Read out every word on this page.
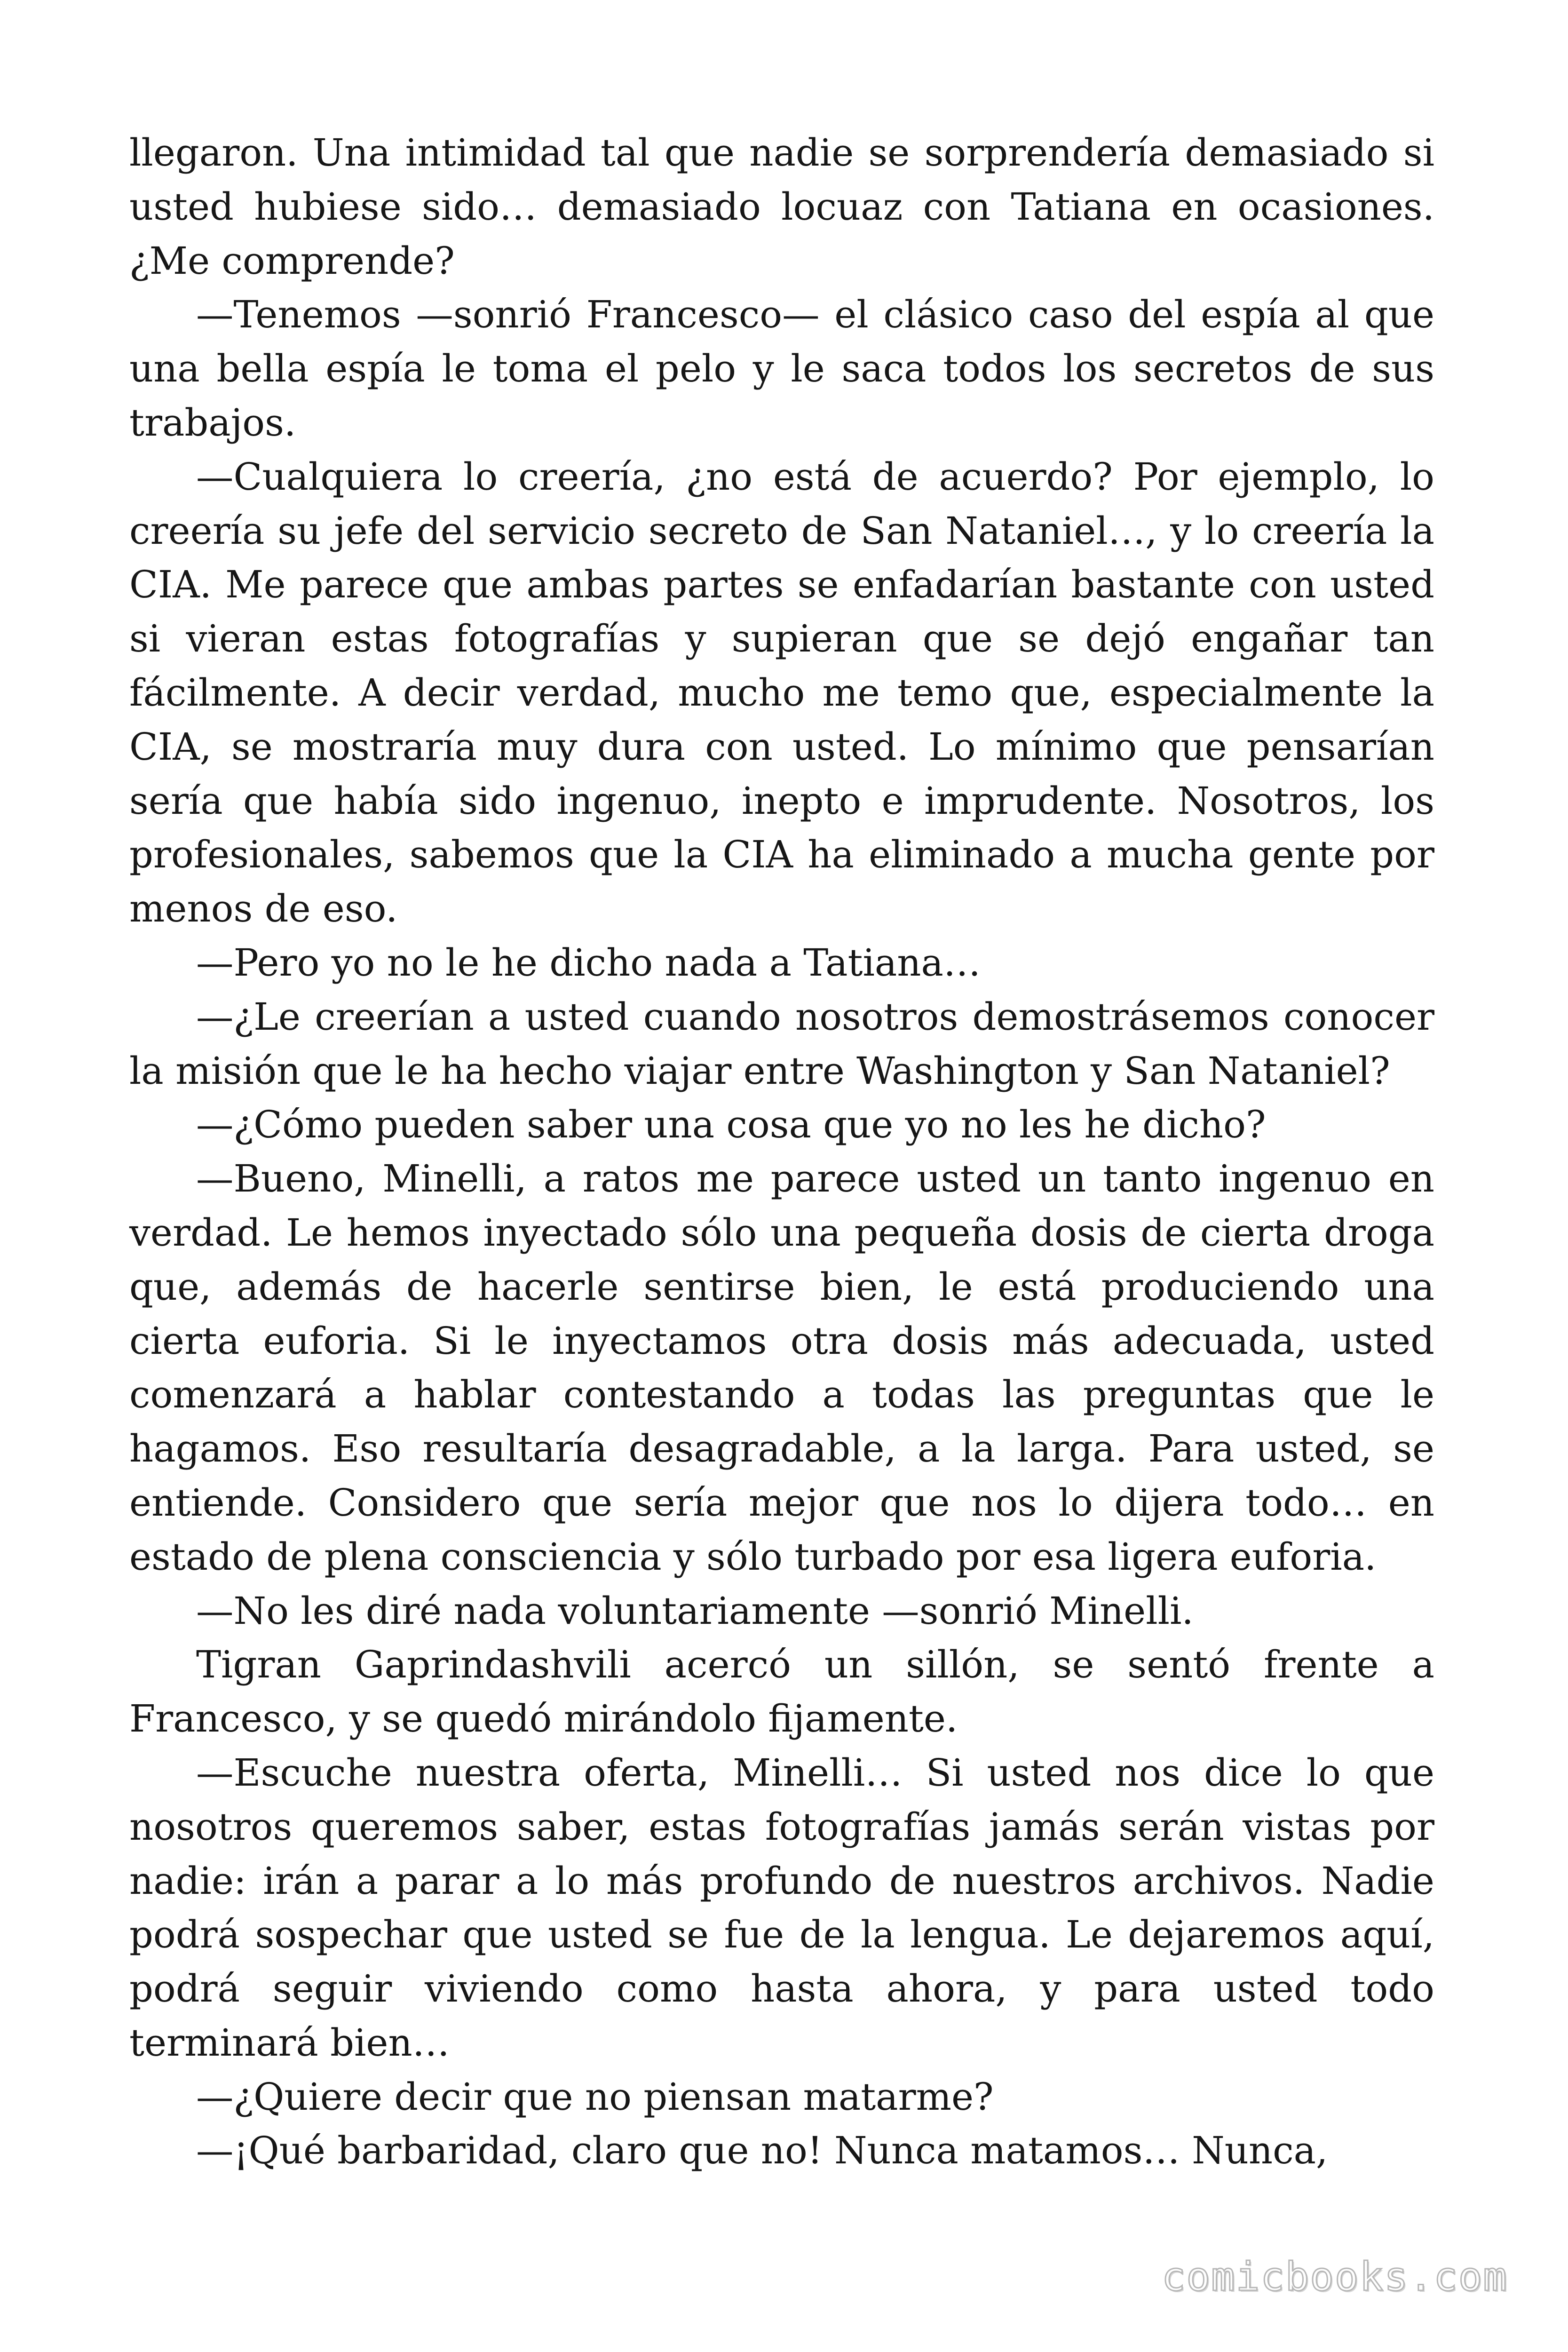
llegaron. Una intimidad tal que nadie se sorprendería demasiado si usted hubiese sido… demasiado locuaz con Tatiana en ocasiones. ¿Me comprende?

—Tenemos —sonrió Francesco— el clásico caso del espía al que una bella espía le toma el pelo y le saca todos los secretos de sus trabajos.

—Cualquiera lo creería, ¿no está de acuerdo? Por ejemplo, lo creería su jefe del servicio secreto de San Nataniel…, y lo creería la CIA. Me parece que ambas partes se enfadarían bastante con usted si vieran estas fotografías y supieran que se dejó engañar tan fácilmente. A decir verdad, mucho me temo que, especialmente la CIA, se mostraría muy dura con usted. Lo mínimo que pensarían sería que había sido ingenuo, inepto e imprudente. Nosotros, los profesionales, sabemos que la CIA ha eliminado a mucha gente por menos de eso.

—Pero yo no le he dicho nada a Tatiana…

—¿Le creerían a usted cuando nosotros demostrásemos conocer la misión que le ha hecho viajar entre Washington y San Nataniel?

—¿Cómo pueden saber una cosa que yo no les he dicho?

—Bueno, Minelli, a ratos me parece usted un tanto ingenuo en verdad. Le hemos inyectado sólo una pequeña dosis de cierta droga que, además de hacerle sentirse bien, le está produciendo una cierta euforia. Si le inyectamos otra dosis más adecuada, usted comenzará a hablar contestando a todas las preguntas que le hagamos. Eso resultaría desagradable, a la larga. Para usted, se entiende. Considero que sería mejor que nos lo dijera todo… en estado de plena consciencia y sólo turbado por esa ligera euforia.

—No les diré nada voluntariamente —sonrió Minelli.

Tigran Gaprindashvili acercó un sillón, se sentó frente a Francesco, y se quedó mirándolo fijamente.

—Escuche nuestra oferta, Minelli… Si usted nos dice lo que nosotros queremos saber, estas fotografías jamás serán vistas por nadie: irán a parar a lo más profundo de nuestros archivos. Nadie podrá sospechar que usted se fue de la lengua. Le dejaremos aquí, podrá seguir viviendo como hasta ahora, y para usted todo terminará bien…

—¿Quiere decir que no piensan matarme?

—¡Qué barbaridad, claro que no! Nunca matamos… Nunca,

comicbooks.com
